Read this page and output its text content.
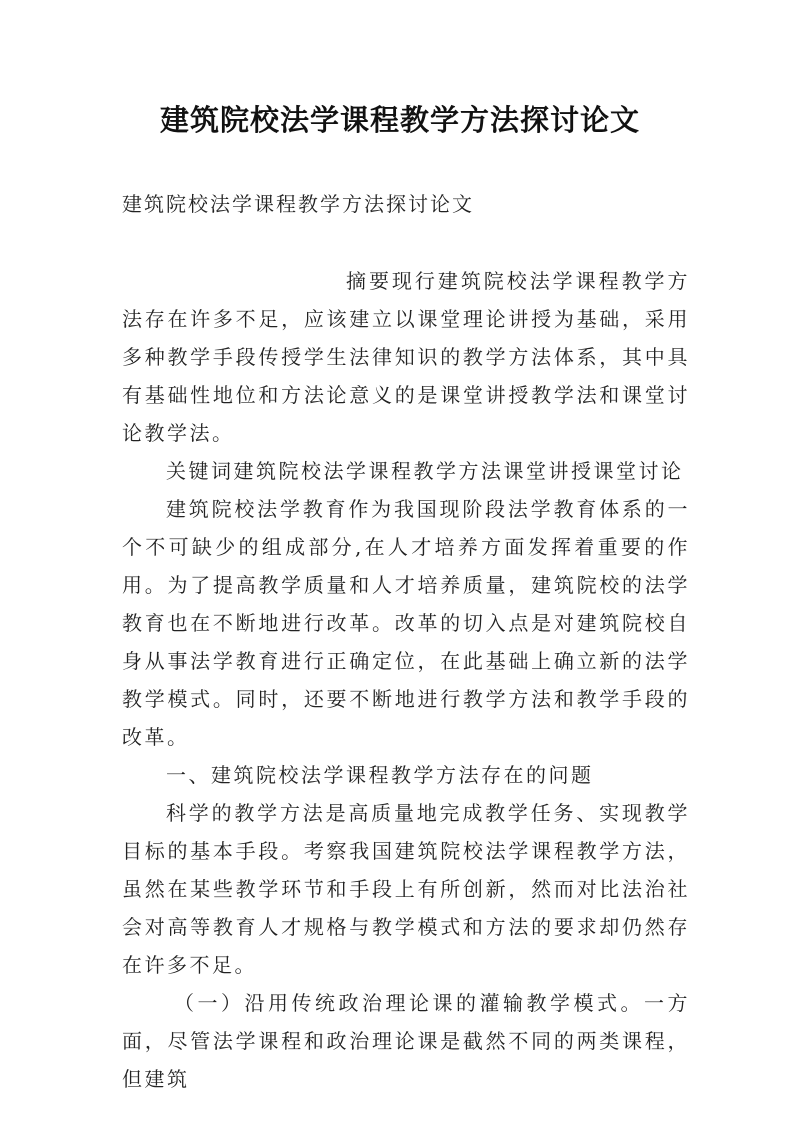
建筑院校法学课程教学方法探讨论文

建筑院校法学课程教学方法探讨论文

摘要现行建筑院校法学课程教学方法存在许多不足，应该建立以课堂理论讲授为基础，采用多种教学手段传授学生法律知识的教学方法体系，其中具有基础性地位和方法论意义的是课堂讲授教学法和课堂讨论教学法。

关键词建筑院校法学课程教学方法课堂讲授课堂讨论

建筑院校法学教育作为我国现阶段法学教育体系的一个不可缺少的组成部分,在人才培养方面发挥着重要的作用。为了提高教学质量和人才培养质量，建筑院校的法学教育也在不断地进行改革。改革的切入点是对建筑院校自身从事法学教育进行正确定位，在此基础上确立新的法学教学模式。同时，还要不断地进行教学方法和教学手段的改革。

一、建筑院校法学课程教学方法存在的问题

科学的教学方法是高质量地完成教学任务、实现教学目标的基本手段。考察我国建筑院校法学课程教学方法，虽然在某些教学环节和手段上有所创新，然而对比法治社会对高等教育人才规格与教学模式和方法的要求却仍然存在许多不足。

（一）沿用传统政治理论课的灌输教学模式。一方面，尽管法学课程和政治理论课是截然不同的两类课程，但建筑
